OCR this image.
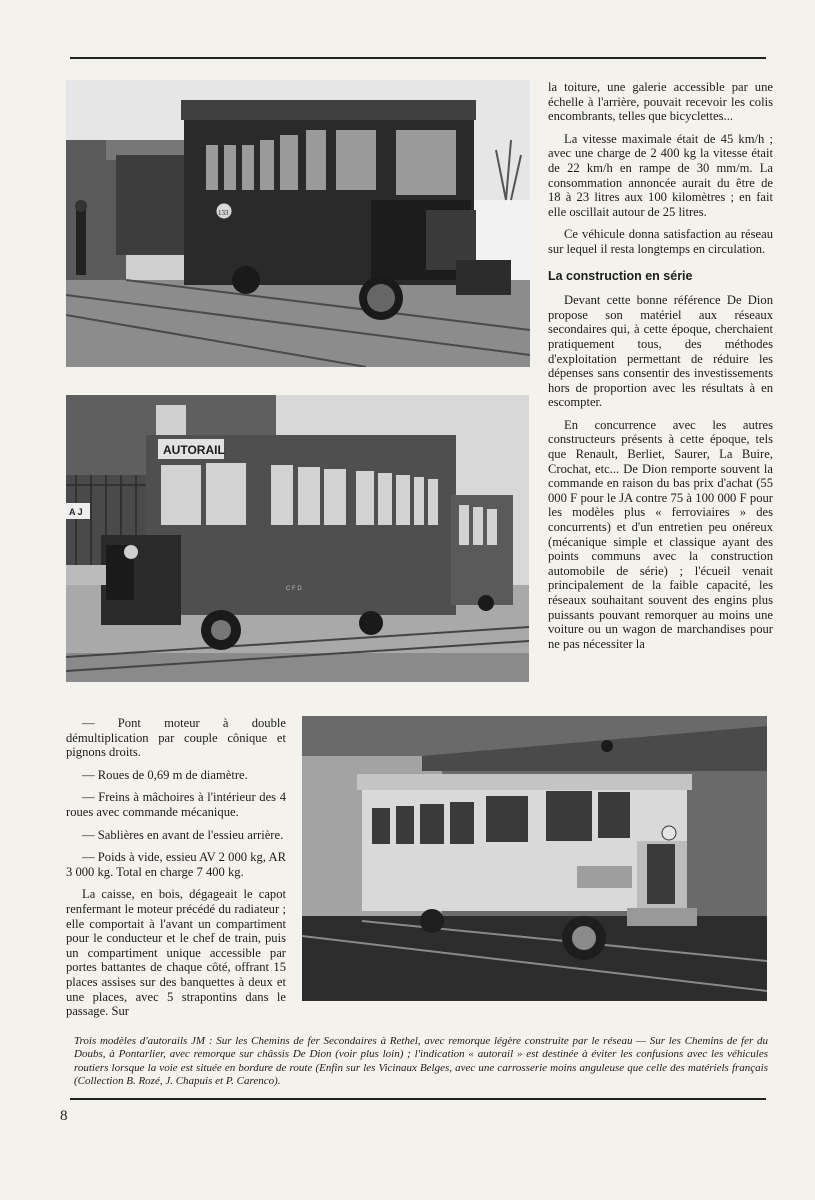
133
A J
AUTORAIL
C F D

la toiture, une galerie accessible par une échelle à l'arrière, pouvait recevoir les colis encombrants, telles que bicyclettes...

La vitesse maximale était de 45 km/h ; avec une charge de 2 400 kg la vitesse était de 22 km/h en rampe de 30 mm/m. La consommation annoncée aurait du être de 18 à 23 litres aux 100 kilomètres ; en fait elle oscillait autour de 25 litres.

Ce véhicule donna satisfaction au réseau sur lequel il resta longtemps en circulation.

La construction en série

Devant cette bonne référence De Dion propose son matériel aux réseaux secondaires qui, à cette époque, cherchaient pratiquement tous, des méthodes d'exploitation permettant de réduire les dépenses sans consentir des investissements hors de proportion avec les résultats à en escompter.

En concurrence avec les autres constructeurs présents à cette époque, tels que Renault, Berliet, Saurer, La Buire, Crochat, etc... De Dion remporte souvent la commande en raison du bas prix d'achat (55 000 F pour le JA contre 75 à 100 000 F pour les modèles plus « ferroviaires » des concurrents) et d'un entretien peu onéreux (mécanique simple et classique ayant des points communs avec la construction automobile de série) ; l'écueil venait principalement de la faible capacité, les réseaux souhaitant souvent des engins plus puissants pouvant remorquer au moins une voiture ou un wagon de marchandises pour ne pas nécessiter la

— Pont moteur à double démultiplication par couple cônique et pignons droits.

— Roues de 0,69 m de diamètre.

— Freins à mâchoires à l'intérieur des 4 roues avec commande mécanique.

— Sablières en avant de l'essieu arrière.

— Poids à vide, essieu AV 2 000 kg, AR 3 000 kg. Total en charge 7 400 kg.

La caisse, en bois, dégageait le capot renfermant le moteur précédé du radiateur ; elle comportait à l'avant un compartiment pour le conducteur et le chef de train, puis un compartiment unique accessible par portes battantes de chaque côté, offrant 15 places assises sur des banquettes à deux et une places, avec 5 strapontins dans le passage. Sur

Trois modèles d'autorails JM : Sur les Chemins de fer Secondaires à Rethel, avec remorque légère construite par le réseau — Sur les Chemins de fer du Doubs, à Pontarlier, avec remorque sur châssis De Dion (voir plus loin) ; l'indication « autorail » est destinée à éviter les confusions avec les véhicules routiers lorsque la voie est située en bordure de route (Enfin sur les Vicinaux Belges, avec une carrosserie moins anguleuse que celle des matériels français (Collection B. Rozé, J. Chapuis et P. Carenco).
8
